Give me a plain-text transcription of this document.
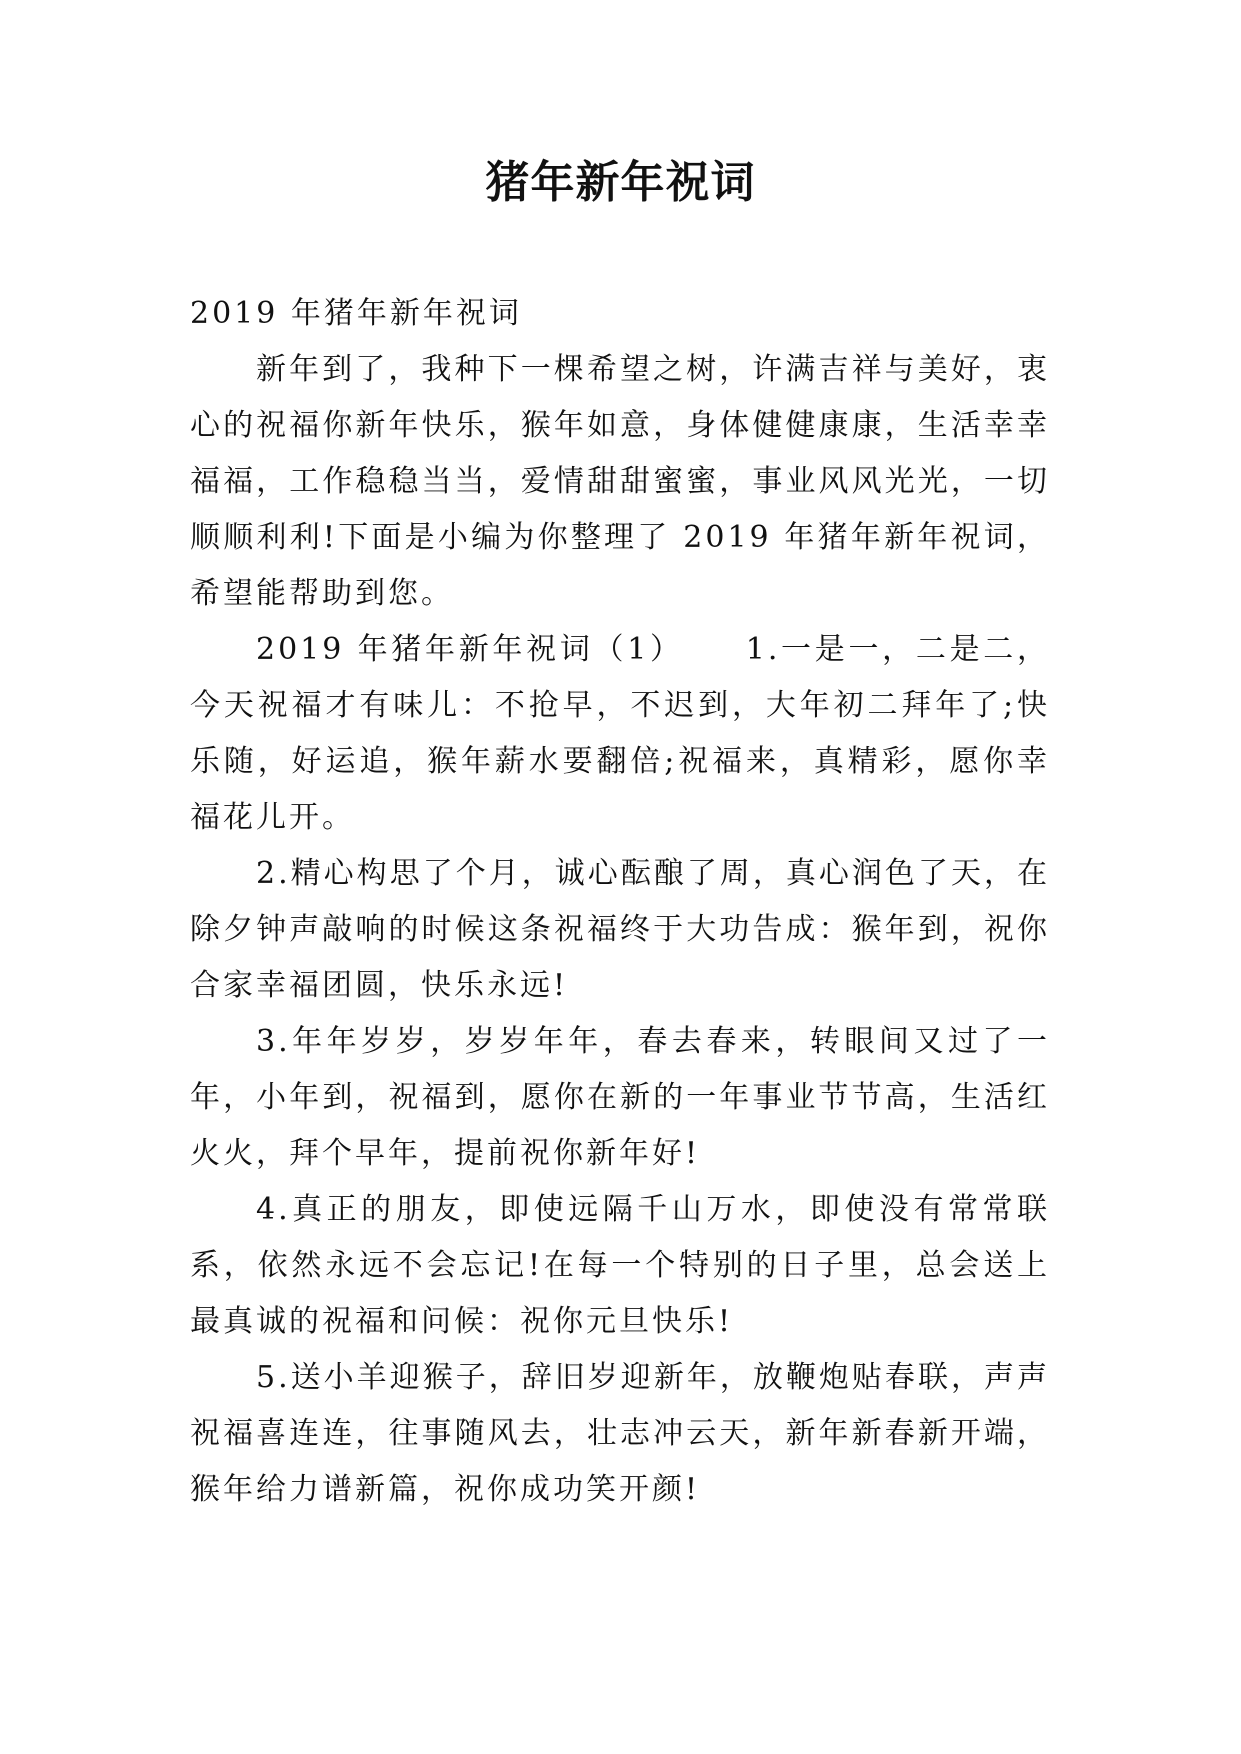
猪年新年祝词

2019 年猪年新年祝词

新年到了，我种下一棵希望之树，许满吉祥与美好，衷心的祝福你新年快乐，猴年如意，身体健健康康，生活幸幸福福，工作稳稳当当，爱情甜甜蜜蜜，事业风风光光，一切顺顺利利!下面是小编为你整理了 2019 年猪年新年祝词，希望能帮助到您。

2019 年猪年新年祝词（1） 1.一是一，二是二，今天祝福才有味儿：不抢早，不迟到，大年初二拜年了;快乐随，好运追，猴年薪水要翻倍;祝福来，真精彩，愿你幸福花儿开。

2.精心构思了个月，诚心酝酿了周，真心润色了天，在除夕钟声敲响的时候这条祝福终于大功告成：猴年到，祝你合家幸福团圆，快乐永远!

3.年年岁岁，岁岁年年，春去春来，转眼间又过了一年，小年到，祝福到，愿你在新的一年事业节节高，生活红火火，拜个早年，提前祝你新年好!

4.真正的朋友，即使远隔千山万水，即使没有常常联系，依然永远不会忘记!在每一个特别的日子里，总会送上最真诚的祝福和问候：祝你元旦快乐!

5.送小羊迎猴子，辞旧岁迎新年，放鞭炮贴春联，声声祝福喜连连，往事随风去，壮志冲云天，新年新春新开端，猴年给力谱新篇，祝你成功笑开颜!
